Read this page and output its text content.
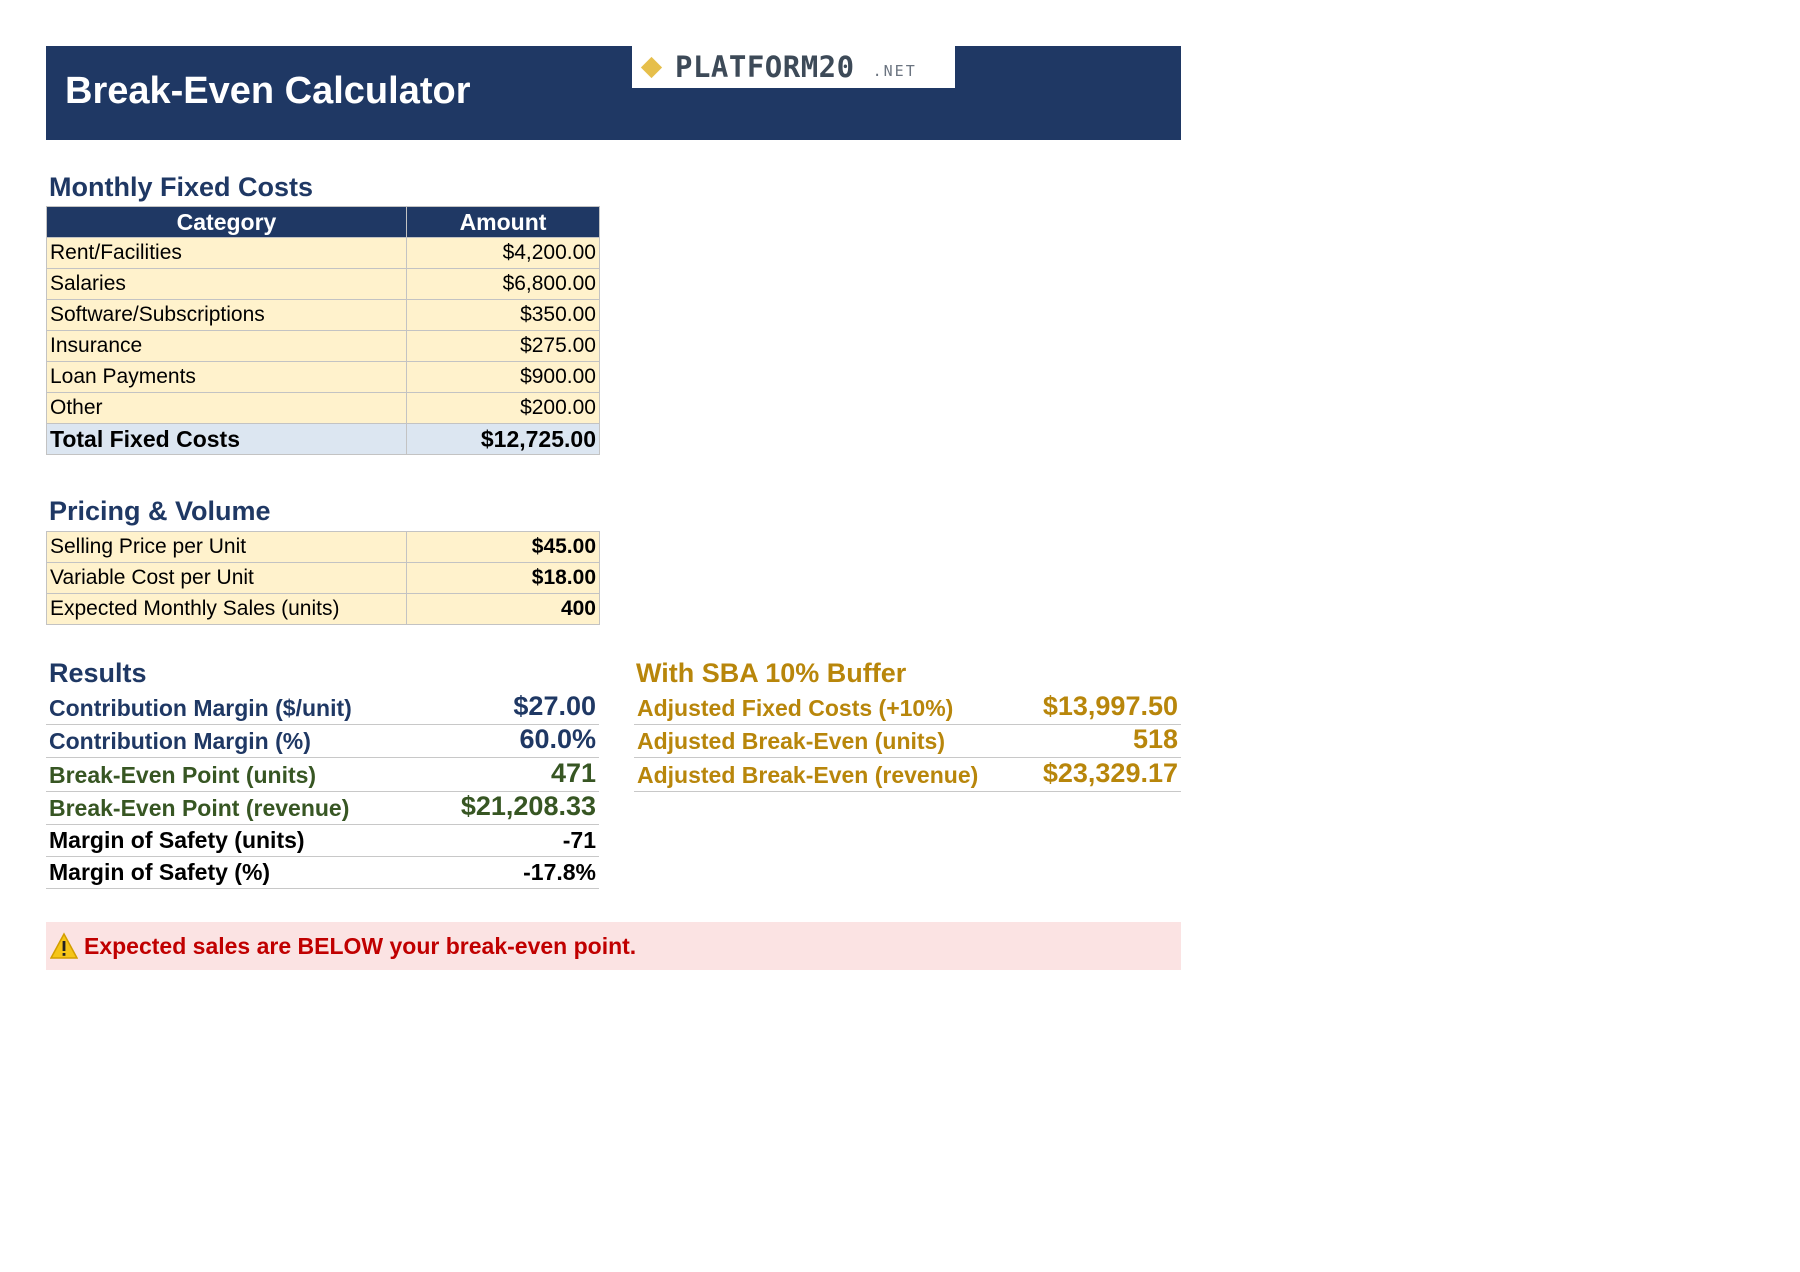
Break-Even Calculator
PLATFORM20 .NET
Monthly Fixed Costs
Category	Amount
Rent/Facilities	$4,200.00
Salaries	$6,800.00
Software/Subscriptions	$350.00
Insurance	$275.00
Loan Payments	$900.00
Other	$200.00
Total Fixed Costs	$12,725.00
Pricing & Volume
Selling Price per Unit	$45.00
Variable Cost per Unit	$18.00
Expected Monthly Sales (units)	400
Results
Contribution Margin ($/unit)	$27.00
Contribution Margin (%)	60.0%
Break-Even Point (units)	471
Break-Even Point (revenue)	$21,208.33
Margin of Safety (units)	-71
Margin of Safety (%)	-17.8%
With SBA 10% Buffer
Adjusted Fixed Costs (+10%)	$13,997.50
Adjusted Break-Even (units)	518
Adjusted Break-Even (revenue) $23,329.17
Expected sales are BELOW your break-even point.
